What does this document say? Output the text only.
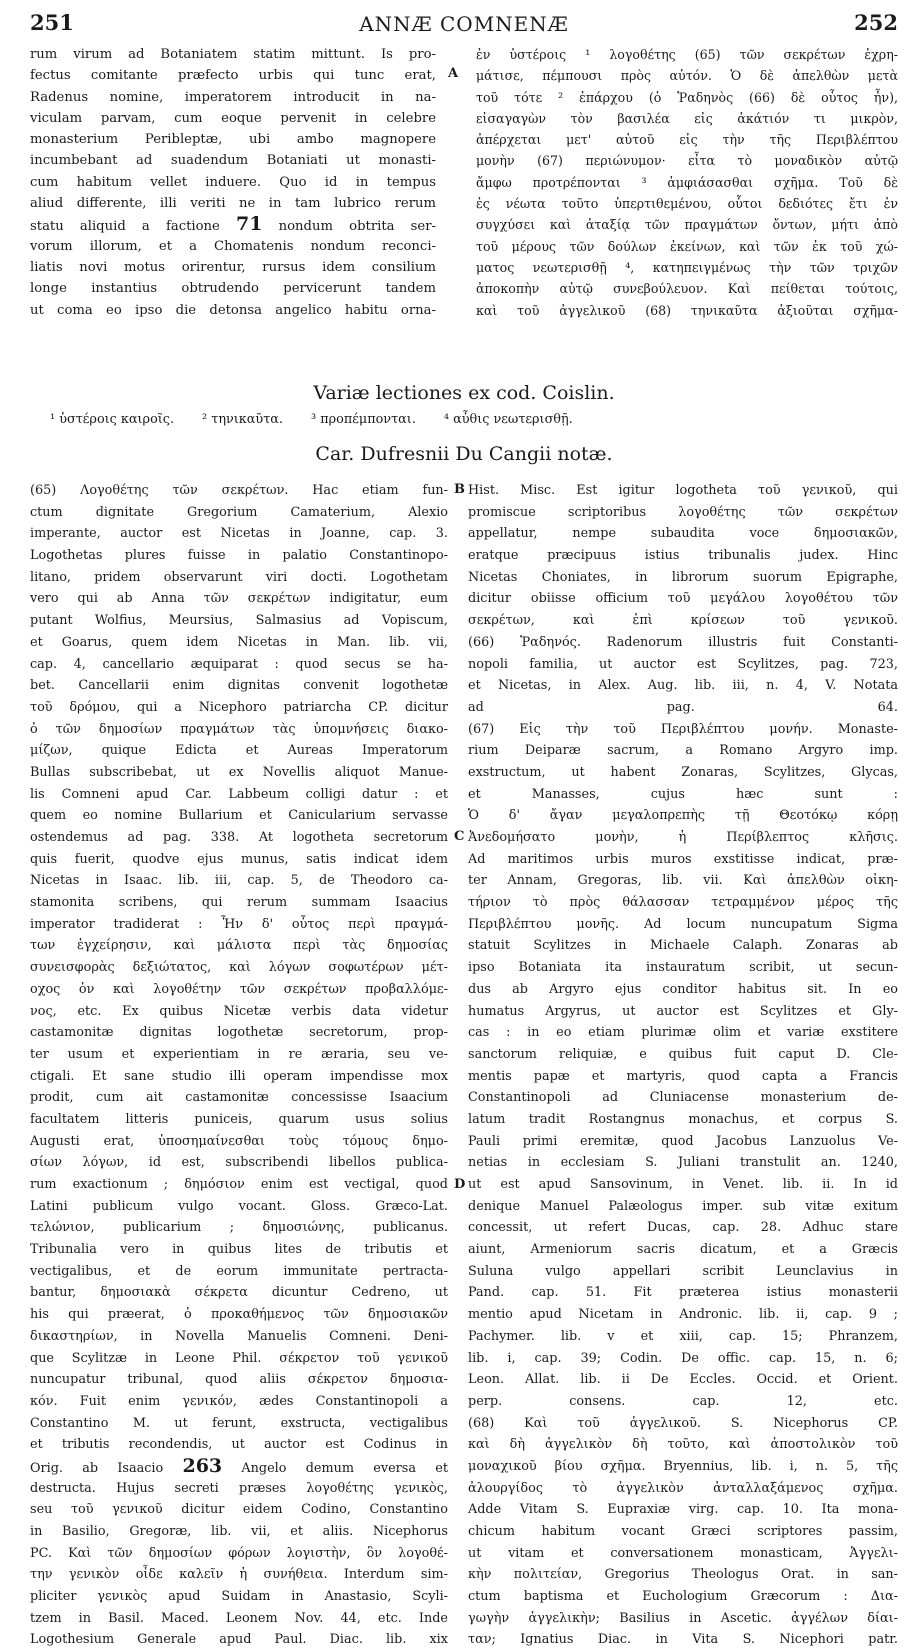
251	ANNÆ COMNENÆ	252
rum virum ad Botaniatem statim mittunt. Is pro-
fectus comitante præfecto urbis qui tunc erat,
Radenus nomine, imperatorem introducit in na-
viculam parvam, cum eoque pervenit in celebre
monasterium Peribleptæ, ubi ambo magnopere
incumbebant ad suadendum Botaniati ut monasti-
cum habitum vellet induere. Quo id in tempus
aliud differente, illi veriti ne in tam lubrico rerum
statu aliquid a factione 71 nondum obtrita ser-
vorum illorum, et a Chomatenis nondum reconci-
liatis novi motus orirentur, rursus idem consilium
longe instantius obtrudendo pervicerunt tandem
ut coma eo ipso die detonsa angelico habitu orna-
A
ἐν ὑστέροις ¹ λογοθέτης (65) τῶν σεκρέτων ἐχρη-
μάτισε, πέμπουσι πρὸς αὐτόν. Ὁ δὲ ἀπελθὼν μετὰ
τοῦ τότε ² ἐπάρχου (ὁ Ῥαδηνὸς (66) δὲ οὗτος ἦν),
εἰσαγαγὼν τὸν βασιλέα εἰς ἀκάτιόν τι μικρὸν,
ἀπέρχεται μετ' αὐτοῦ εἰς τὴν τῆς Περιβλέπτου
μονὴν (67) περιώνυμον· εἶτα τὸ μοναδικὸν αὐτῷ
ἄμφω προτρέπονται ³ ἀμφιάσασθαι σχῆμα. Τοῦ δὲ
ἐς νέωτα τοῦτο ὑπερτιθεμένου, οὗτοι δεδιότες ἔτι ἐν
συγχύσει καὶ ἀταξίᾳ τῶν πραγμάτων ὄντων, μήτι ἀπὸ
τοῦ μέρους τῶν δούλων ἐκείνων, καὶ τῶν ἐκ τοῦ χώ-
ματος νεωτερισθῇ ⁴, κατηπειγμένως τὴν τῶν τριχῶν
ἀποκοπὴν αὐτῷ συνεβούλευον. Καὶ πείθεται τούτοις,
καὶ τοῦ ἀγγελικοῦ (68) τηνικαῦτα ἀξιοῦται σχῆμα-
Variæ lectiones ex cod. Coislin.
¹ ὑστέροις καιροῖς. ² τηνικαῦτα. ³ προπέμπονται. ⁴ αὖθις νεωτερισθῇ.
Car. Dufresnii Du Cangii notæ.
(65) Λογοθέτης τῶν σεκρέτων. Hac etiam fun-
ctum dignitate Gregorium Camaterium, Alexio
imperante, auctor est Nicetas in Joanne, cap. 3.
Logothetas plures fuisse in palatio Constantinopo-
litano, pridem observarunt viri docti. Logothetam
vero qui ab Anna τῶν σεκρέτων indigitatur, eum
putant Wolfius, Meursius, Salmasius ad Vopiscum,
et Goarus, quem idem Nicetas in Man. lib. vii,
cap. 4, cancellario æquiparat : quod secus se ha-
bet. Cancellarii enim dignitas convenit logothetæ
τοῦ δρόμου, qui a Nicephoro patriarcha CP. dicitur
ὁ τῶν δημοσίων πραγμάτων τὰς ὑπομνήσεις διακο-
μίζων, quique Edicta et Aureas Imperatorum
Bullas subscribebat, ut ex Novellis aliquot Manue-
lis Comneni apud Car. Labbeum colligi datur : et
quem eo nomine Bullarium et Canicularium servasse
ostendemus ad pag. 338. At logotheta secretorum
quis fuerit, quodve ejus munus, satis indicat idem
Nicetas in Isaac. lib. iii, cap. 5, de Theodoro ca-
stamonita scribens, qui rerum summam Isaacius
imperator tradiderat : Ἦν δ' οὗτος περὶ πραγμά-
των ἐγχείρησιν, καὶ μάλιστα περὶ τὰς δημοσίας
συνεισφορὰς δεξιώτατος, καὶ λόγων σοφωτέρων μέτ-
οχος ὁν καὶ λογοθέτην τῶν σεκρέτων προβαλλόμε-
νος, etc. Ex quibus Nicetæ verbis data videtur
castamonitæ dignitas logothetæ secretorum, prop-
ter usum et experientiam in re æraria, seu ve-
ctigali. Et sane studio illi operam impendisse mox
prodit, cum ait castamonitæ concessisse Isaacium
facultatem litteris puniceis, quarum usus solius
Augusti erat, ὑποσημαίνεσθαι τοὺς τόμους δημο-
σίων λόγων, id est, subscribendi libellos publica-
rum exactionum ; δημόσιον enim est vectigal, quod
Latini publicum vulgo vocant. Gloss. Græco-Lat.
τελώνιον, publicarium ; δημοσιώνης, publicanus.
Tribunalia vero in quibus lites de tributis et
vectigalibus, et de eorum immunitate pertracta-
bantur, δημοσιακὰ σέκρετα dicuntur Cedreno, ut
his qui præerat, ὁ προκαθήμενος τῶν δημοσιακῶν
δικαστηρίων, in Novella Manuelis Comneni. Deni-
que Scylitzæ in Leone Phil. σέκρετον τοῦ γενικοῦ
nuncupatur tribunal, quod aliis σέκρετον δημοσια-
κόν. Fuit enim γενικόν, ædes Constantinopoli a
Constantino M. ut ferunt, exstructa, vectigalibus
et tributis recondendis, ut auctor est Codinus in
Orig. ab Isaacio 263 Angelo demum eversa et
destructa. Hujus secreti præses λογοθέτης γενικὸς,
seu τοῦ γενικοῦ dicitur eidem Codino, Constantino
in Basilio, Gregoræ, lib. vii, et aliis. Nicephorus
PC. Καὶ τῶν δημοσίων φόρων λογιστὴν, ὃν λογοθέ-
την γενικὸν οἶδε καλεῖν ἡ συνήθεια. Interdum sim-
pliciter γενικὸς apud Suidam in Anastasio, Scyli-
tzem in Basil. Maced. Leonem Nov. 44, etc. Inde
Logothesium Generale apud Paul. Diac. lib. xix
B
C
D
Hist. Misc. Est igitur logotheta τοῦ γενικοῦ, qui
promiscue scriptoribus λογοθέτης τῶν σεκρέτων
appellatur, nempe subaudita voce δημοσιακῶν,
eratque præcipuus istius tribunalis judex. Hinc
Nicetas Choniates, in librorum suorum Epigraphe,
dicitur obiisse officium τοῦ μεγάλου λογοθέτου τῶν
σεκρέτων, καὶ ἐπὶ κρίσεων τοῦ γενικοῦ.
(66) Ῥαδηνός. Radenorum illustris fuit Constanti-
nopoli familia, ut auctor est Scylitzes, pag. 723,
et Nicetas, in Alex. Aug. lib. iii, n. 4, V. Notata
ad pag. 64.
(67) Εἰς τὴν τοῦ Περιβλέπτου μονήν. Monaste-
rium Deiparæ sacrum, a Romano Argyro imp.
exstructum, ut habent Zonaras, Scylitzes, Glycas,
et Manasses, cujus hæc sunt :
Ὁ δ' ἄγαν μεγαλοπρεπὴς τῇ Θεοτόκῳ κόρῃ
Ἀνεδομήσατο μονὴν, ἡ Περίβλεπτος κλῆσις.
Ad maritimos urbis muros exstitisse indicat, præ-
ter Annam, Gregoras, lib. vii. Καὶ ἀπελθὼν οἰκη-
τήριον τὸ πρὸς θάλασσαν τετραμμένον μέρος τῆς
Περιβλέπτου μονῆς. Ad locum nuncupatum Sigma
statuit Scylitzes in Michaele Calaph. Zonaras ab
ipso Botaniata ita instauratum scribit, ut secun-
dus ab Argyro ejus conditor habitus sit. In eo
humatus Argyrus, ut auctor est Scylitzes et Gly-
cas : in eo etiam plurimæ olim et variæ exstitere
sanctorum reliquiæ, e quibus fuit caput D. Cle-
mentis papæ et martyris, quod capta a Francis
Constantinopoli ad Cluniacense monasterium de-
latum tradit Rostangnus monachus, et corpus S.
Pauli primi eremitæ, quod Jacobus Lanzuolus Ve-
netias in ecclesiam S. Juliani transtulit an. 1240,
ut est apud Sansovinum, in Venet. lib. ii. In id
denique Manuel Palæologus imper. sub vitæ exitum
concessit, ut refert Ducas, cap. 28. Adhuc stare
aiunt, Armeniorum sacris dicatum, et a Græcis
Suluna vulgo appellari scribit Leunclavius in
Pand. cap. 51. Fit præterea istius monasterii
mentio apud Nicetam in Andronic. lib. ii, cap. 9 ;
Pachymer. lib. v et xiii, cap. 15; Phranzem,
lib. i, cap. 39; Codin. De offic. cap. 15, n. 6;
Leon. Allat. lib. ii De Eccles. Occid. et Orient.
perp. consens. cap. 12, etc.
(68) Καὶ τοῦ ἀγγελικοῦ. S. Nicephorus CP.
καὶ δὴ ἀγγελικὸν δὴ τοῦτο, καὶ ἀποστολικὸν τοῦ
μοναχικοῦ βίου σχῆμα. Bryennius, lib. i, n. 5, τῆς
ἀλουργίδος τὸ ἀγγελικὸν ἀνταλλαξάμενος σχῆμα.
Adde Vitam S. Eupraxiæ virg. cap. 10. Ita mona-
chicum habitum vocant Græci scriptores passim,
ut vitam et conversationem monasticam, Ἀγγελι-
κὴν πολιτείαν, Gregorius Theologus Orat. in san-
ctum baptisma et Euchologium Græcorum : Δια-
γωγὴν ἀγγελικὴν; Basilius in Ascetic. ἀγγέλων δίαι-
ταν; Ignatius Diac. in Vita S. Nicephori patr.
